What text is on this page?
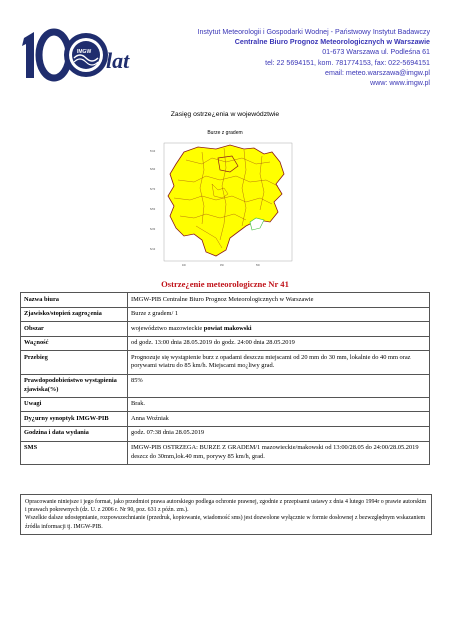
IMGW lat
Instytut Meteorologii i Gospodarki Wodnej - Państwowy Instytut Badawczy
Centralne Biuro Prognoz Meteorologicznych w Warszawie
01-673 Warszawa ul. Podleśna 61
tel: 22 5694151, kom. 781774153, fax: 022-5694151
email: meteo.warszawa@imgw.pl
www: www.imgw.pl
Zasięg ostrze¿enia w województwie
Burze z gradem
5310
5290
5270
5250
5230
5210
400	450	500
Ostrze¿enie meteorologiczne Nr 41
Nazwa biura	IMGW-PIB Centralne Biuro Prognoz Meteorologicznych w Warszawie
Zjawisko/stopień zagro¿enia	Burze z gradem/ 1
Obszar	województwo mazowieckie powiat makowski
Wa¿ność	od godz. 13:00 dnia 28.05.2019 do godz. 24:00 dnia 28.05.2019
Przebieg	Prognozuje się wystąpienie burz z opadami deszczu miejscami od 20 mm do 30 mm, lokalnie do 40 mm oraz porywami wiatru do 85 km/h. Miejscami mo¿liwy grad.
Prawdopodobieństwo wystąpienia zjawiska(%)	85%
Uwagi	Brak.
Dy¿urny synoptyk IMGW-PIB	Anna Woźniak
Godzina i data wydania	godz. 07:38 dnia 28.05.2019
SMS	IMGW-PIB OSTRZEGA: BURZE Z GRADEM/1 mazowieckie/makowski od 13:00/28.05 do 24:00/28.05.2019 deszcz do 30mm,lok.40 mm, porywy 85 km/h, grad.

Opracowanie niniejsze i jego format, jako przedmiot prawa autorskiego podlega ochronie prawnej, zgodnie z przepisami ustawy z dnia 4 lutego 1994r o prawie autorskim i prawach pokrewnych (dz. U. z 2006 r. Nr 90, poz. 631 z późn. zm.).

Wszelkie dalsze udostępnianie, rozpowszechnianie (przedruk, kopiowanie, wiadomość sms) jest dozwolone wyłącznie w formie dosłownej z bezwzględnym wskazaniem źródła informacji tj. IMGW-PIB.
